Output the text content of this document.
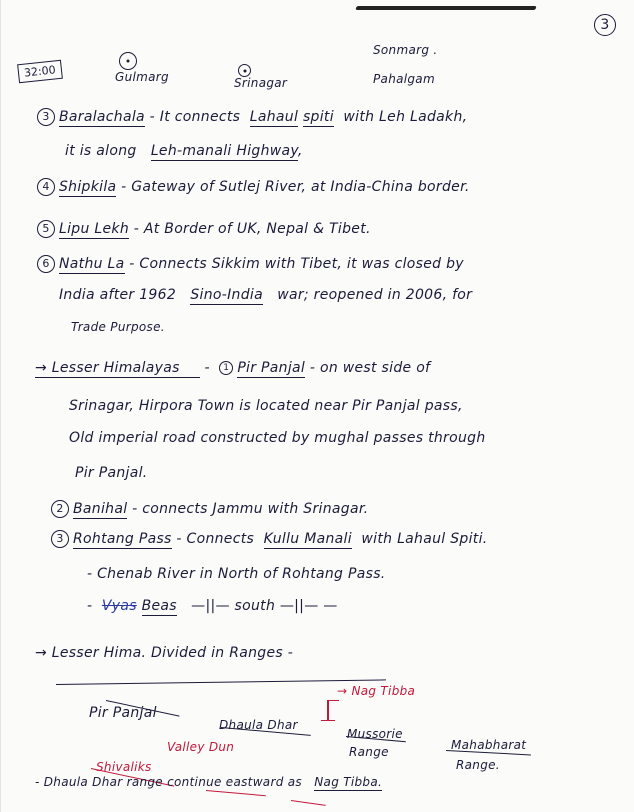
3
32:00	Gulmarg	Srinagar
Sonmarg .
Pahalgam
3 Baralachala - It connects Lahaul spiti with Leh Ladakh,
it is along Leh-manali Highway,
4 Shipkila - Gateway of Sutlej River, at India-China border.
5 Lipu Lekh - At Border of UK, Nepal & Tibet.
6 Nathu La - Connects Sikkim with Tibet, it was closed by
India after 1962 Sino-India war; reopened in 2006, for
Trade Purpose.
→ Lesser Himalayas - 1 Pir Panjal - on west side of
Srinagar, Hirpora Town is located near Pir Panjal pass,
Old imperial road constructed by mughal passes through
Pir Panjal.
2 Banihal - connects Jammu with Srinagar.
3 Rohtang Pass - Connects Kullu Manali with Lahaul Spiti.
- Chenab River in North of Rohtang Pass.
- Vyas Beas —||— south —||— —
→ Lesser Hima. Divided in Ranges -
Pir Panjal
Dhaula Dhar
→ Nag Tibba
Mussorie
Range	Mahabharat
Range.
Valley Dun
Shivaliks
- Dhaula Dhar range continue eastward as Nag Tibba.
